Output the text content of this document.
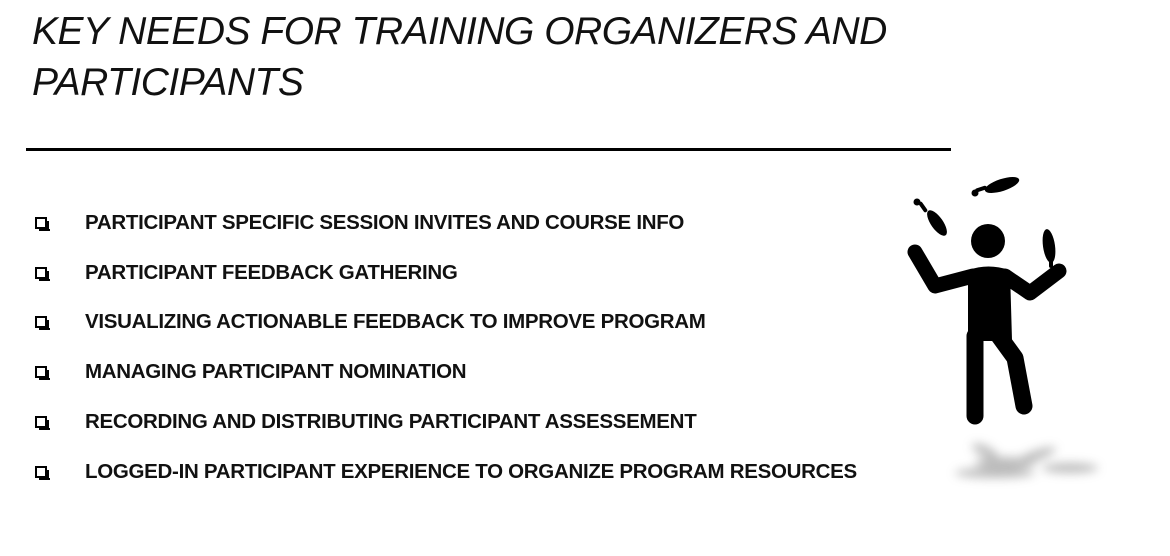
KEY NEEDS FOR TRAINING ORGANIZERS AND PARTICIPANTS
PARTICIPANT SPECIFIC SESSION INVITES AND COURSE INFO
PARTICIPANT FEEDBACK GATHERING
VISUALIZING ACTIONABLE FEEDBACK TO IMPROVE PROGRAM
MANAGING PARTICIPANT NOMINATION
RECORDING AND DISTRIBUTING PARTICIPANT ASSESSEMENT
LOGGED-IN PARTICIPANT EXPERIENCE TO ORGANIZE PROGRAM RESOURCES
